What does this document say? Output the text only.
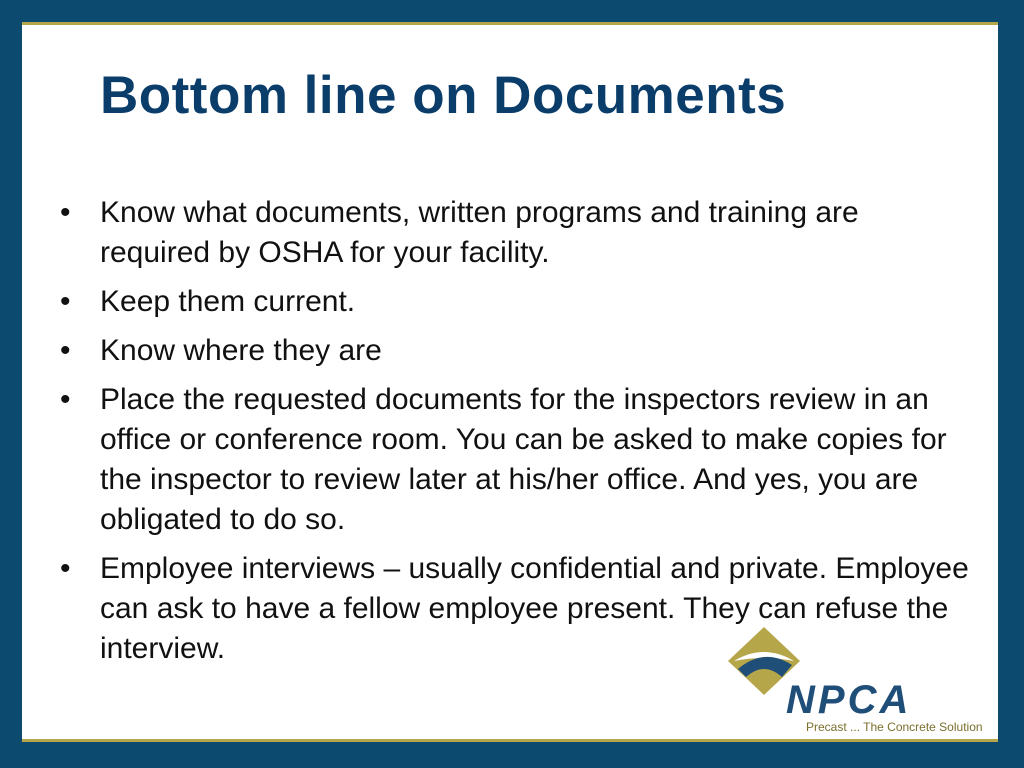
Bottom line on Documents
• Know what documents, written programs and training are required by OSHA for your facility.
• Keep them current.
• Know where they are
• Place the requested documents for the inspectors review in an office or conference room. You can be asked to make copies for the inspector to review later at his/her office. And yes, you are obligated to do so.
• Employee interviews – usually confidential and private. Employee can ask to have a fellow employee present. They can refuse the interview.
NPCA
Precast ... The Concrete Solution
